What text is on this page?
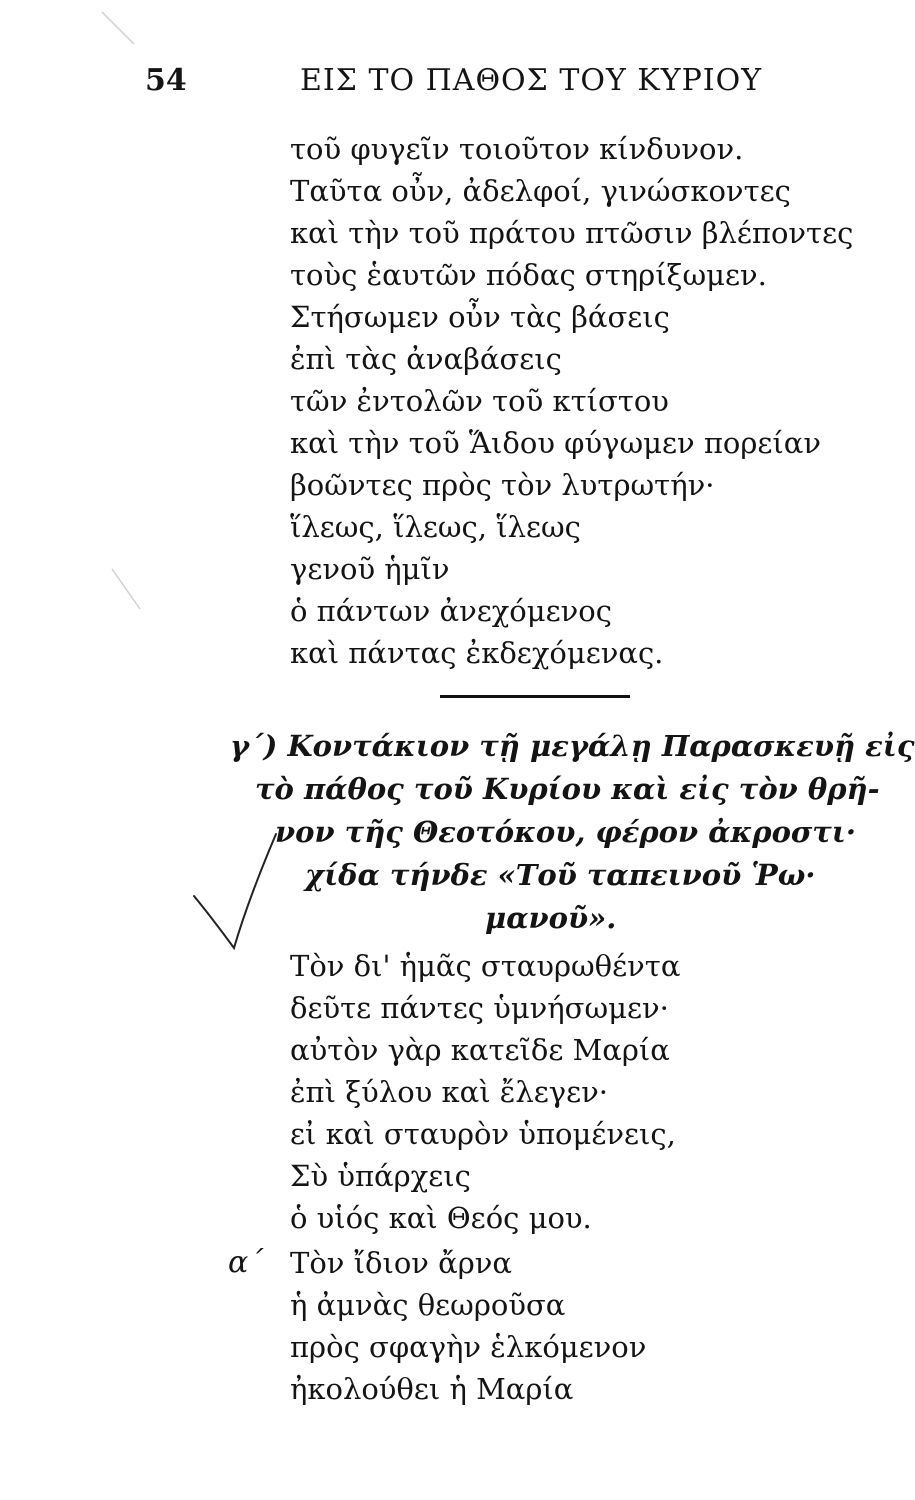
54	ΕΙΣ ΤΟ ΠΑΘΟΣ ΤΟΥ ΚΥΡΙΟΥ
τοῦ φυγεῖν τοιοῦτον κίνδυνον.
Ταῦτα οὖν, ἀδελφοί, γινώσκοντες
καὶ τὴν τοῦ πράτου πτῶσιν βλέποντες
τοὺς ἑαυτῶν πόδας στηρίξωμεν.
Στήσωμεν οὖν τὰς βάσεις
ἐπὶ τὰς ἀναβάσεις
τῶν ἐντολῶν τοῦ κτίστου
καὶ τὴν τοῦ Ἅιδου φύγωμεν πορείαν
βοῶντες πρὸς τὸν λυτρωτήν·
ἵλεως, ἵλεως, ἵλεως
γενοῦ ἡμῖν
ὁ πάντων ἀνεχόμενος
καὶ πάντας ἐκδεχόμενας.

γ΄) Κοντάκιον τῇ μεγάλῃ Παρασκευῇ εἰς
τὸ πάθος τοῦ Κυρίου καὶ εἰς τὸν θρῆ-
νον τῆς Θεοτόκου, φέρον ἀκροστι·
χίδα τήνδε «Τοῦ ταπεινοῦ Ῥω·
μανοῦ».

Τὸν δι' ἡμᾶς σταυρωθέντα
δεῦτε πάντες ὑμνήσωμεν·
αὐτὸν γὰρ κατεῖδε Μαρία
ἐπὶ ξύλου καὶ ἔλεγεν·
εἰ καὶ σταυρὸν ὑπομένεις,
Σὺ ὑπάρχεις
ὁ υἱός καὶ Θεός μου.
α΄ Τὸν ἴδιον ἄρνα
ἡ ἀμνὰς θεωροῦσα
πρὸς σφαγὴν ἑλκόμενον
ἠκολούθει ἡ Μαρία
